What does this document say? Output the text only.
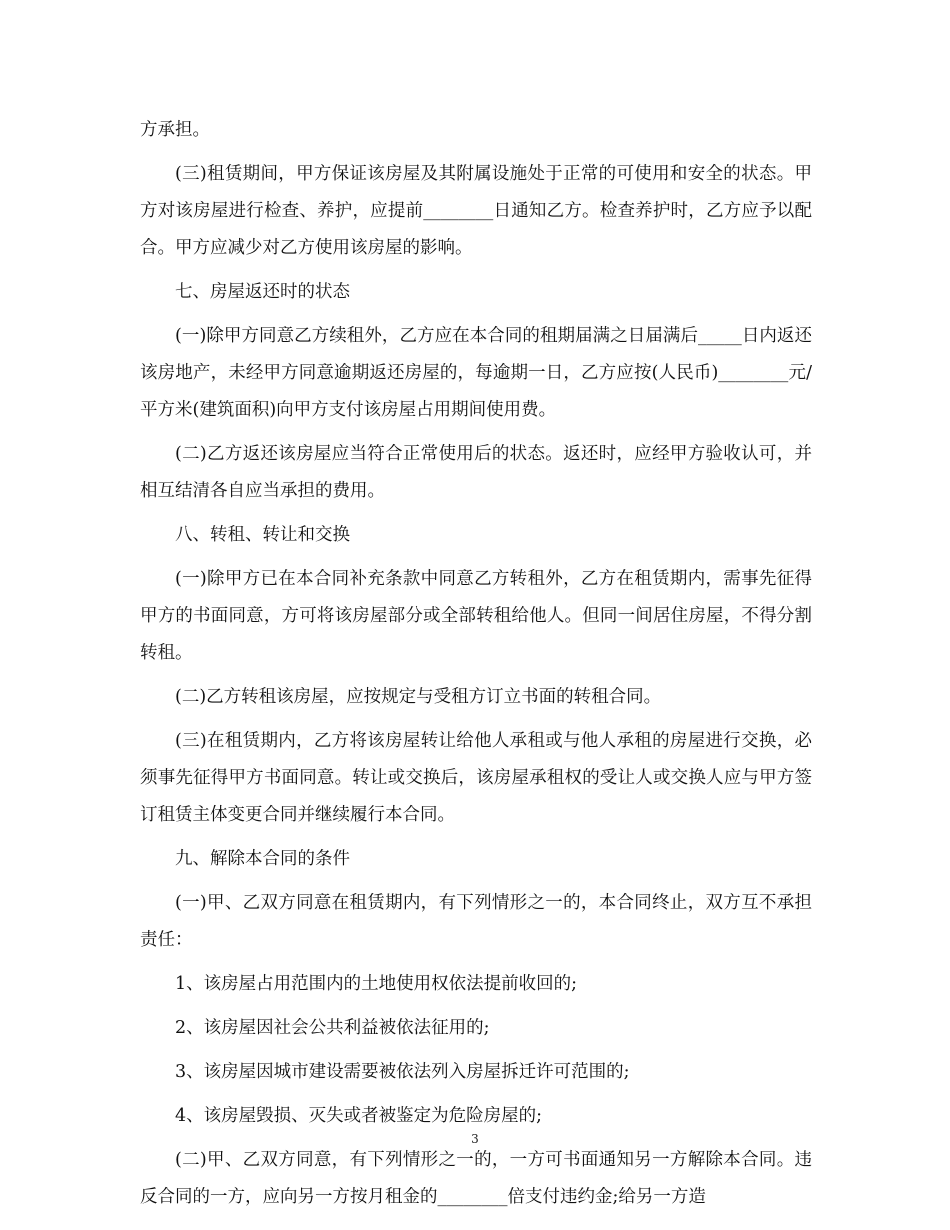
方承担。

(三)租赁期间，甲方保证该房屋及其附属设施处于正常的可使用和安全的状态。甲方对该房屋进行检查、养护，应提前________日通知乙方。检查养护时，乙方应予以配合。甲方应减少对乙方使用该房屋的影响。

七、房屋返还时的状态

(一)除甲方同意乙方续租外，乙方应在本合同的租期届满之日届满后_____日内返还该房地产，未经甲方同意逾期返还房屋的，每逾期一日，乙方应按(人民币)________元/平方米(建筑面积)向甲方支付该房屋占用期间使用费。

(二)乙方返还该房屋应当符合正常使用后的状态。返还时，应经甲方验收认可，并相互结清各自应当承担的费用。

八、转租、转让和交换

(一)除甲方已在本合同补充条款中同意乙方转租外，乙方在租赁期内，需事先征得甲方的书面同意，方可将该房屋部分或全部转租给他人。但同一间居住房屋，不得分割转租。

(二)乙方转租该房屋，应按规定与受租方订立书面的转租合同。

(三)在租赁期内，乙方将该房屋转让给他人承租或与他人承租的房屋进行交换，必须事先征得甲方书面同意。转让或交换后，该房屋承租权的受让人或交换人应与甲方签订租赁主体变更合同并继续履行本合同。

九、解除本合同的条件

(一)甲、乙双方同意在租赁期内，有下列情形之一的，本合同终止，双方互不承担责任：

1、该房屋占用范围内的土地使用权依法提前收回的;

2、该房屋因社会公共利益被依法征用的;

3、该房屋因城市建设需要被依法列入房屋拆迁许可范围的;

4、该房屋毁损、灭失或者被鉴定为危险房屋的;

(二)甲、乙双方同意，有下列情形之一的，一方可书面通知另一方解除本合同。违反合同的一方，应向另一方按月租金的________倍支付违约金;给另一方造

3
